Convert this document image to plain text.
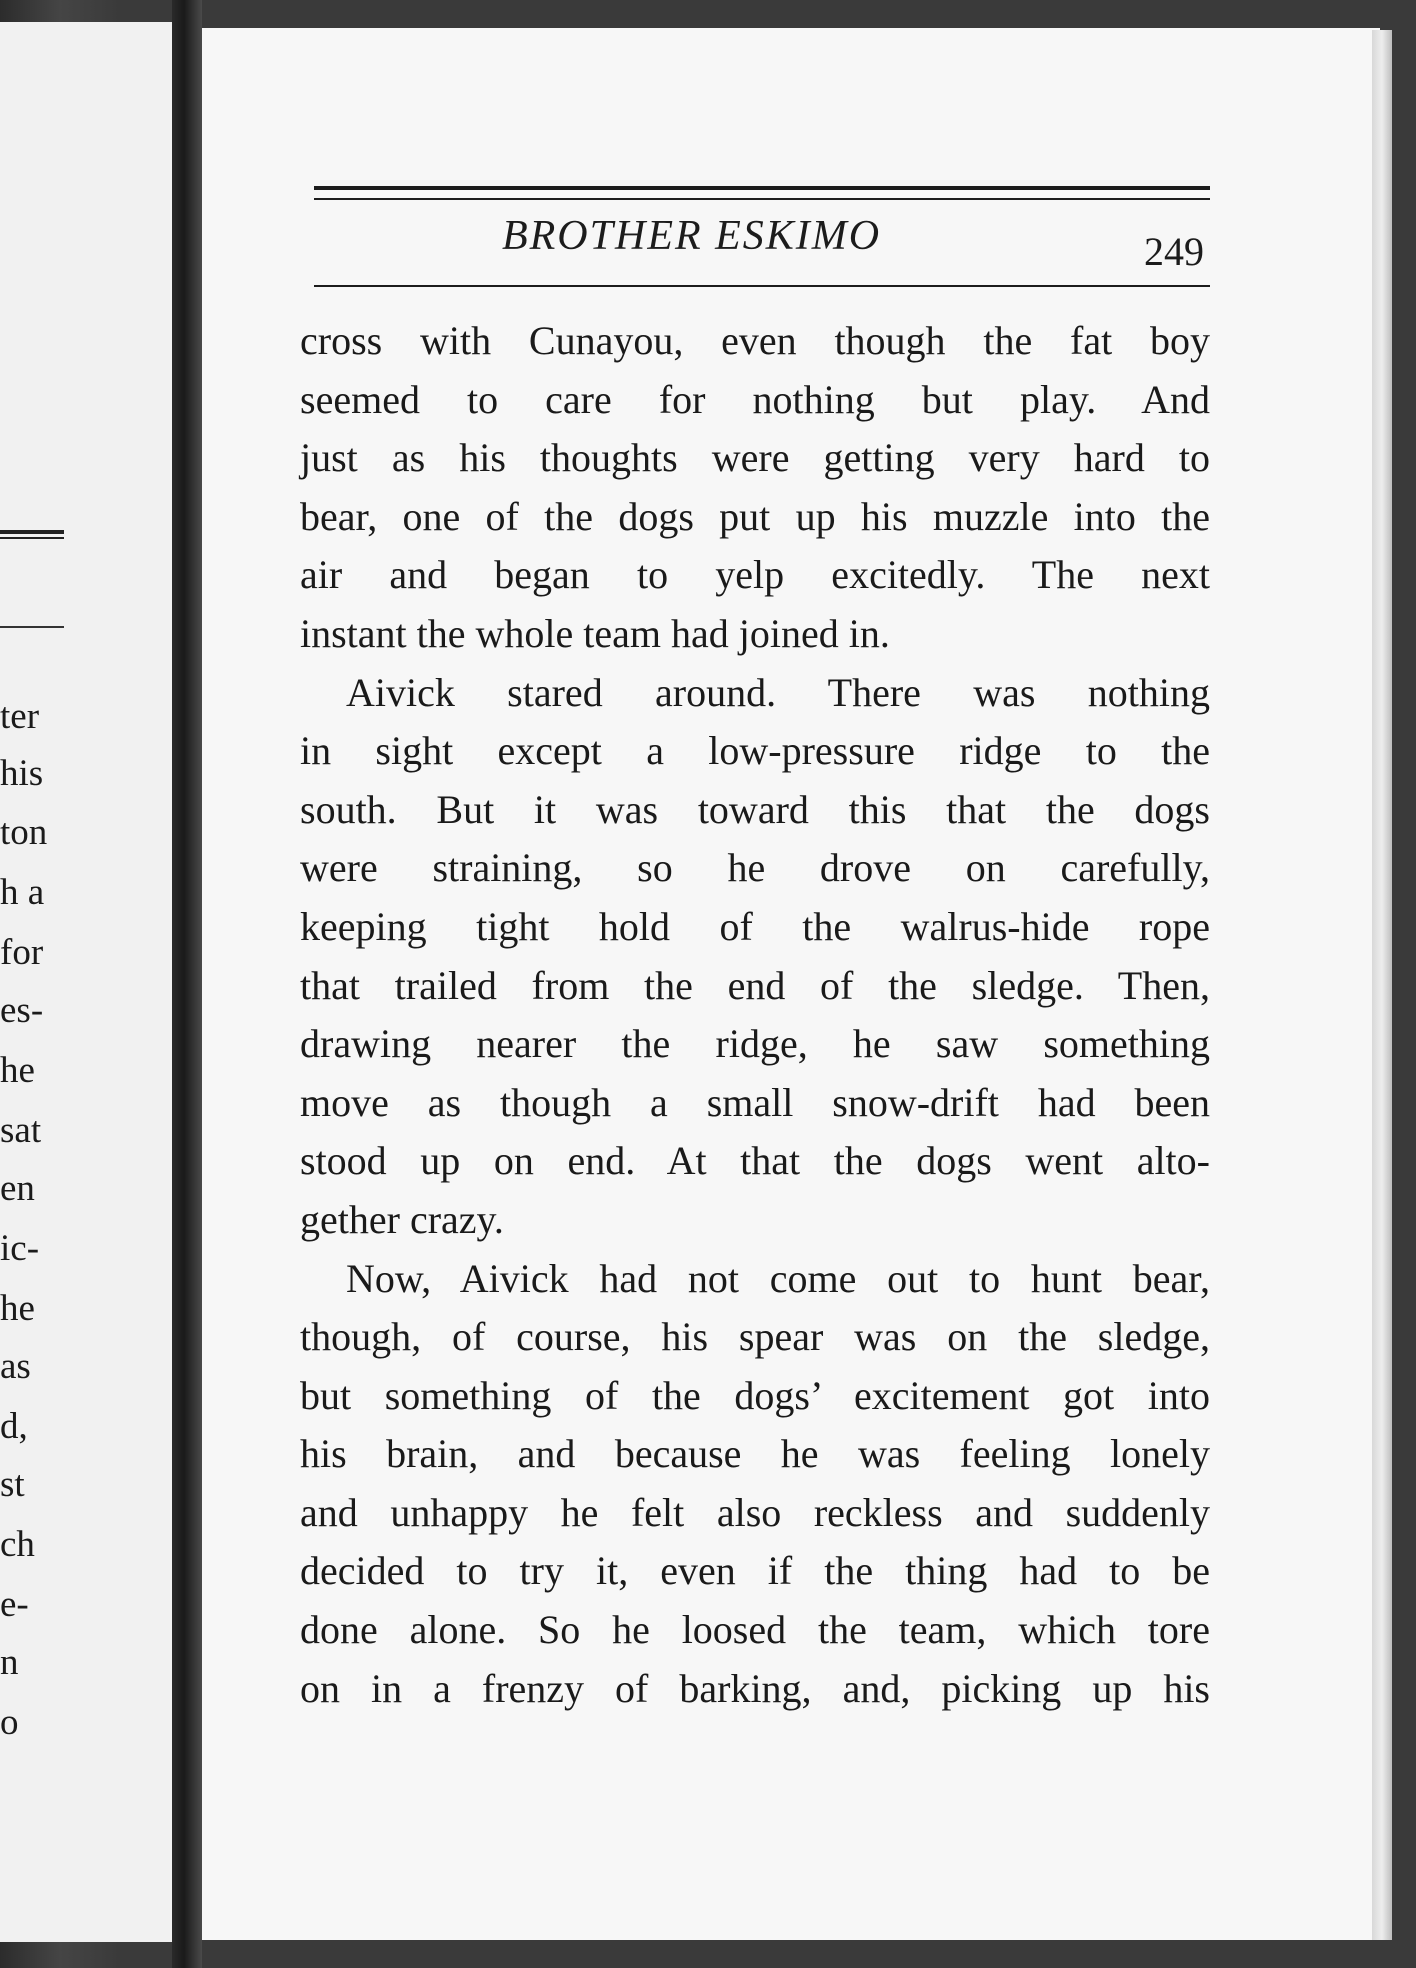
ter
his
ton
h a
for
es-
he
sat
en
ic-
he
as
d,
st
ch
e-
n
o
BROTHER ESKIMO	249
cross with Cunayou, even though the fat boy
seemed to care for nothing but play. And
just as his thoughts were getting very hard to
bear, one of the dogs put up his muzzle into the
air and began to yelp excitedly. The next
instant the whole team had joined in.
Aivick stared around. There was nothing
in sight except a low-pressure ridge to the
south. But it was toward this that the dogs
were straining, so he drove on carefully,
keeping tight hold of the walrus-hide rope
that trailed from the end of the sledge. Then,
drawing nearer the ridge, he saw something
move as though a small snow-drift had been
stood up on end. At that the dogs went alto-
gether crazy.
Now, Aivick had not come out to hunt bear,
though, of course, his spear was on the sledge,
but something of the dogs’ excitement got into
his brain, and because he was feeling lonely
and unhappy he felt also reckless and suddenly
decided to try it, even if the thing had to be
done alone. So he loosed the team, which tore
on in a frenzy of barking, and, picking up his
